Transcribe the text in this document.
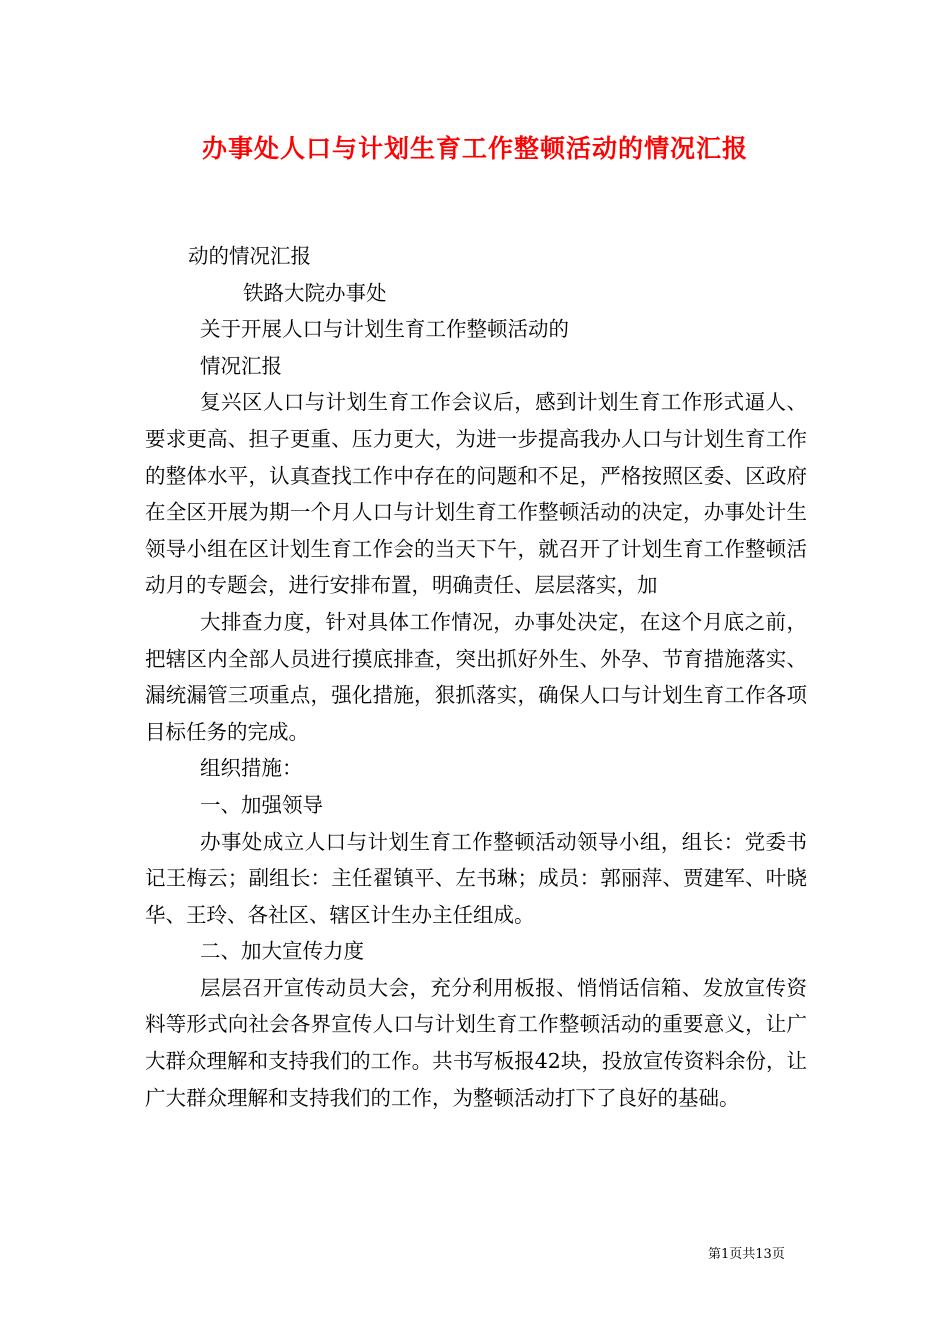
办事处人口与计划生育工作整顿活动的情况汇报

动的情况汇报

铁路大院办事处

关于开展人口与计划生育工作整顿活动的

情况汇报

复兴区人口与计划生育工作会议后，感到计划生育工作形式逼人、要求更高、担子更重、压力更大，为进一步提高我办人口与计划生育工作的整体水平，认真查找工作中存在的问题和不足，严格按照区委、区政府在全区开展为期一个月人口与计划生育工作整顿活动的决定，办事处计生领导小组在区计划生育工作会的当天下午，就召开了计划生育工作整顿活动月的专题会，进行安排布置，明确责任、层层落实，加

大排查力度，针对具体工作情况，办事处决定，在这个月底之前，把辖区内全部人员进行摸底排查，突出抓好外生、外孕、节育措施落实、漏统漏管三项重点，强化措施，狠抓落实，确保人口与计划生育工作各项目标任务的完成。

组织措施：

一、加强领导

办事处成立人口与计划生育工作整顿活动领导小组，组长：党委书记王梅云；副组长：主任翟镇平、左书琳；成员：郭丽萍、贾建军、叶晓华、王玲、各社区、辖区计生办主任组成。

二、加大宣传力度

层层召开宣传动员大会，充分利用板报、悄悄话信箱、发放宣传资料等形式向社会各界宣传人口与计划生育工作整顿活动的重要意义，让广大群众理解和支持我们的工作。共书写板报42块，投放宣传资料余份，让广大群众理解和支持我们的工作，为整顿活动打下了良好的基础。

第1页共13页
